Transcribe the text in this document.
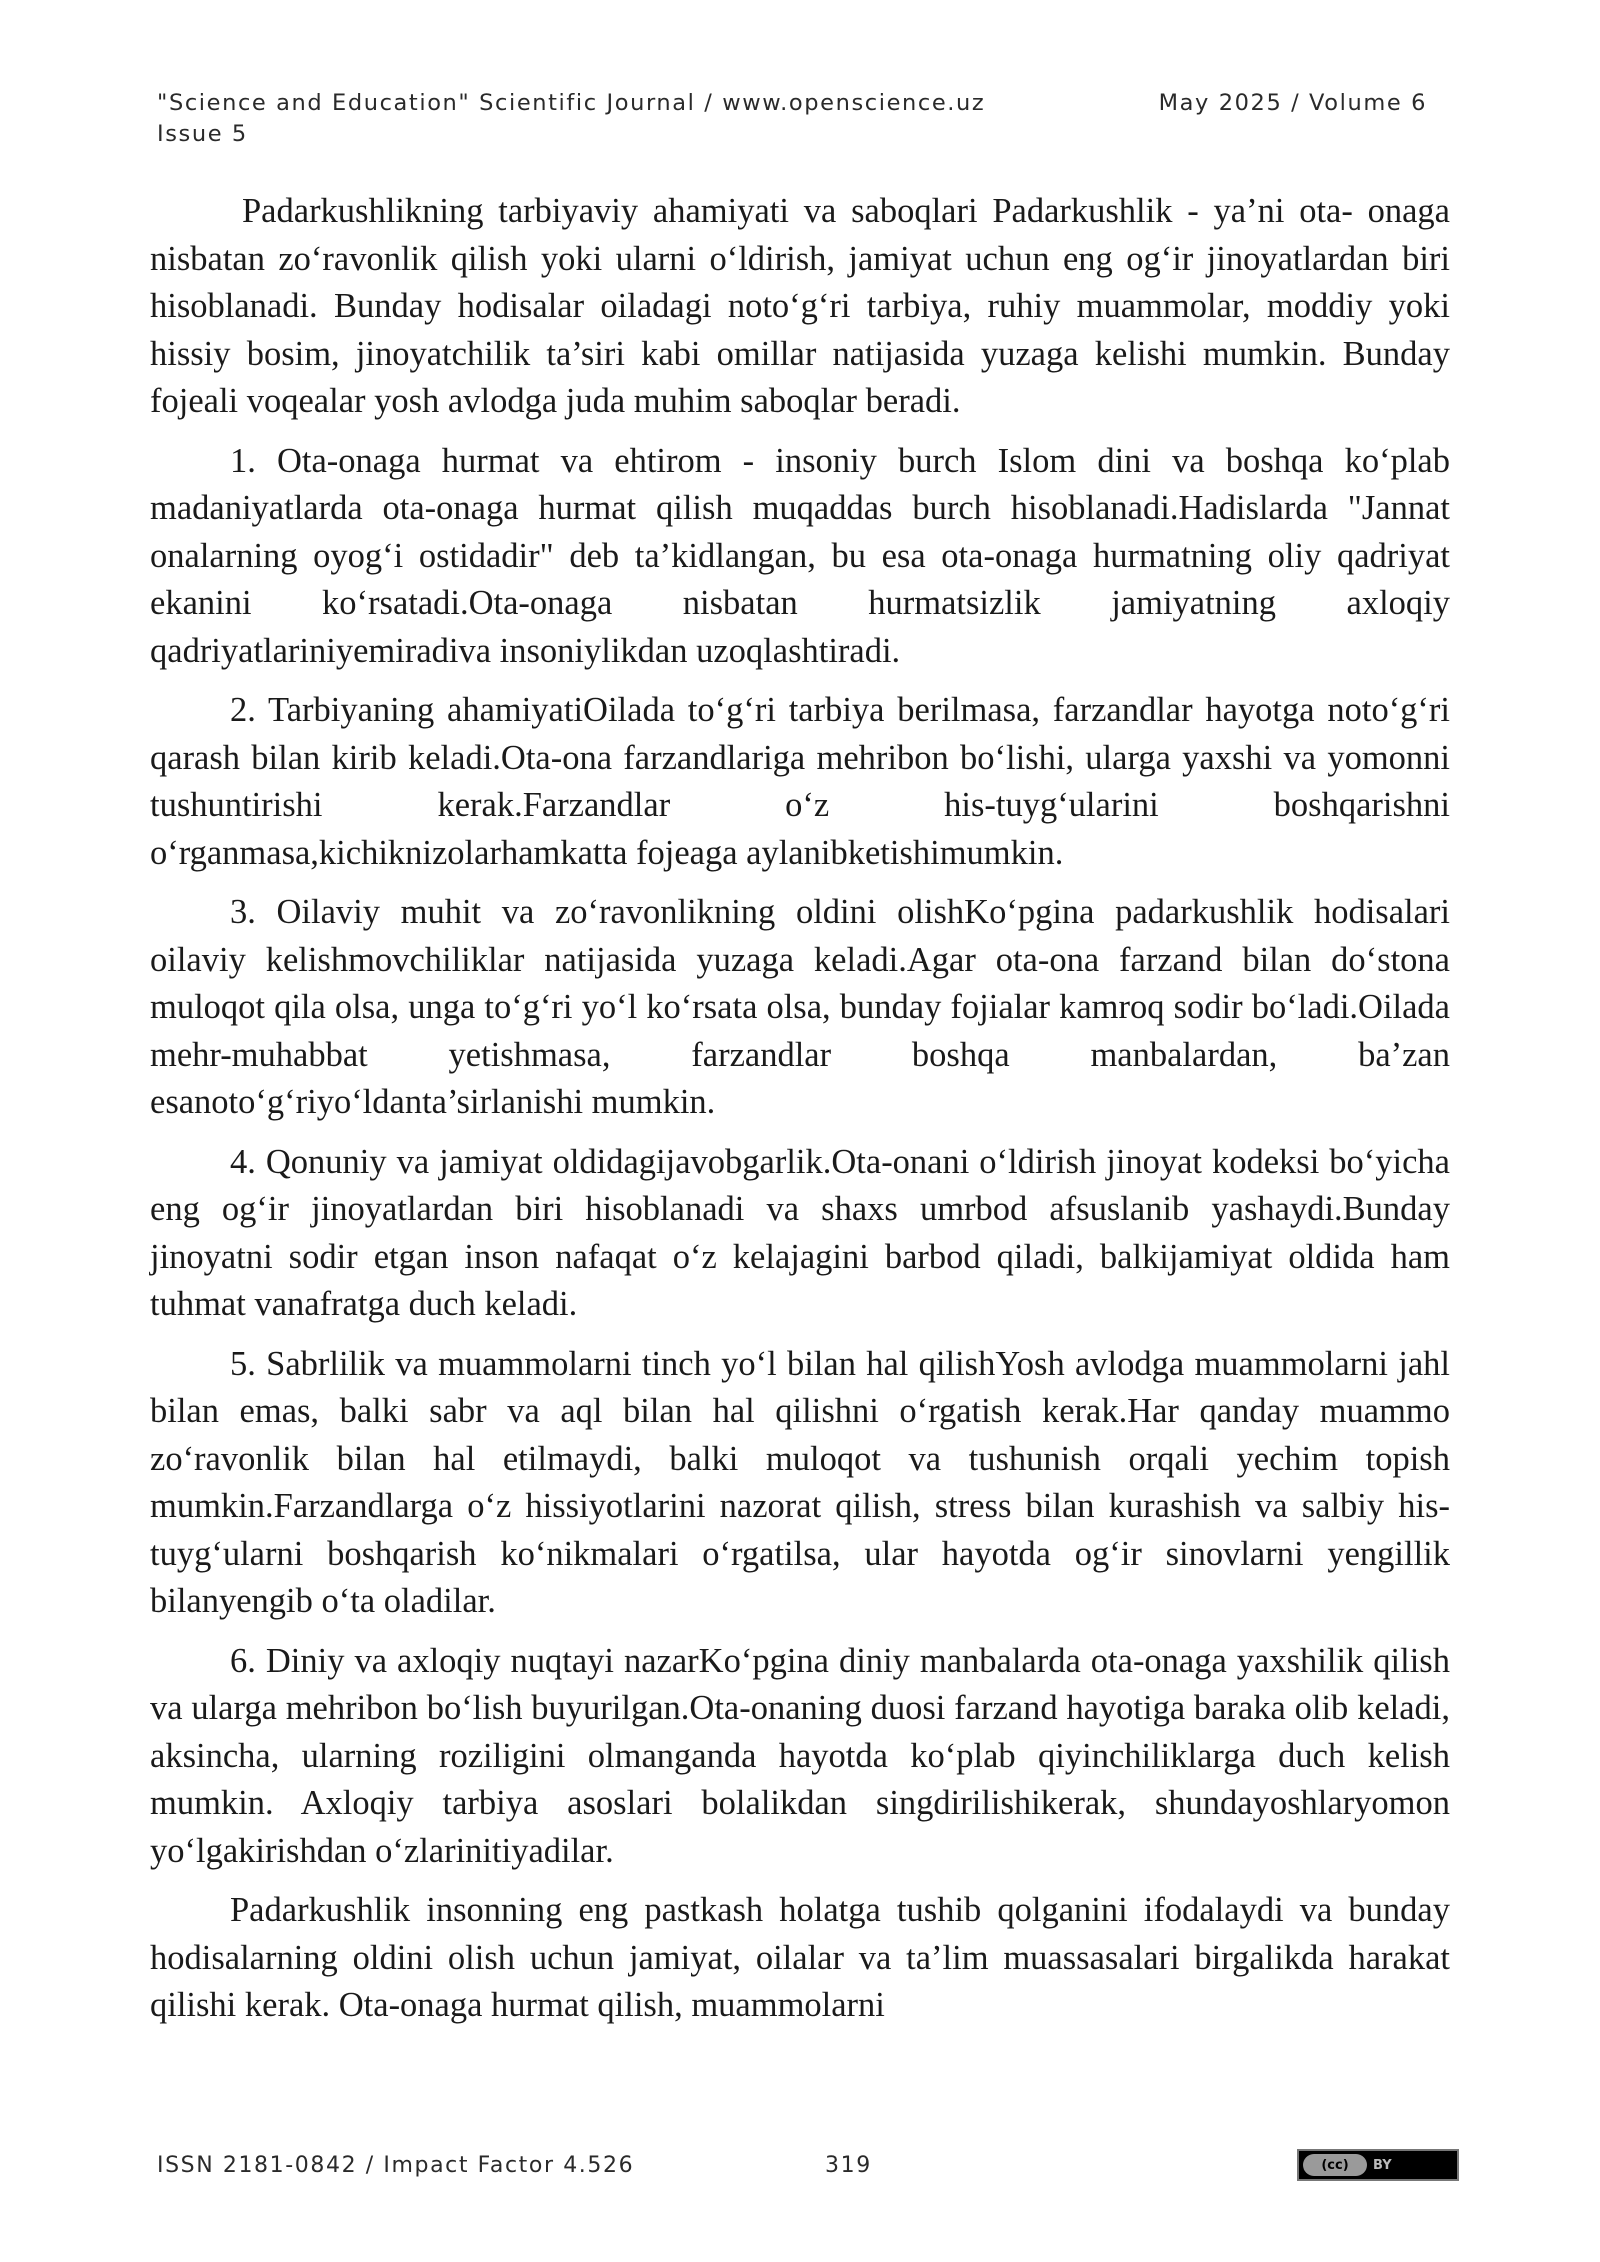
"Science and Education" Scientific Journal / www.openscience.uz	May 2025 / Volume 6
Issue 5

Padarkushlikning tarbiyaviy ahamiyati va saboqlari Padarkushlik - ya’ni ota- onaga nisbatan zo‘ravonlik qilish yoki ularni o‘ldirish, jamiyat uchun eng og‘ir jinoyatlardan biri hisoblanadi. Bunday hodisalar oiladagi noto‘g‘ri tarbiya, ruhiy muammolar, moddiy yoki hissiy bosim, jinoyatchilik ta’siri kabi omillar natijasida yuzaga kelishi mumkin. Bunday fojeali voqealar yosh avlodga juda muhim saboqlar beradi.

1. Ota-onaga hurmat va ehtirom - insoniy burch Islom dini va boshqa ko‘plab madaniyatlarda ota-onaga hurmat qilish muqaddas burch hisoblanadi.Hadislarda "Jannat onalarning oyog‘i ostidadir" deb ta’kidlangan, bu esa ota-onaga hurmatning oliy qadriyat ekanini ko‘rsatadi.Ota-onaga nisbatan hurmatsizlik jamiyatning axloqiy qadriyatlariniyemiradiva insoniylikdan uzoqlashtiradi.

2. Tarbiyaning ahamiyatiOilada to‘g‘ri tarbiya berilmasa, farzandlar hayotga noto‘g‘ri qarash bilan kirib keladi.Ota-ona farzandlariga mehribon bo‘lishi, ularga yaxshi va yomonni tushuntirishi kerak.Farzandlar o‘z his-tuyg‘ularini boshqarishni o‘rganmasa,kichiknizolarhamkatta fojeaga aylanibketishimumkin.

3. Oilaviy muhit va zo‘ravonlikning oldini olishKo‘pgina padarkushlik hodisalari oilaviy kelishmovchiliklar natijasida yuzaga keladi.Agar ota-ona farzand bilan do‘stona muloqot qila olsa, unga to‘g‘ri yo‘l ko‘rsata olsa, bunday fojialar kamroq sodir bo‘ladi.Oilada mehr-muhabbat yetishmasa, farzandlar boshqa manbalardan, ba’zan esanoto‘g‘riyo‘ldanta’sirlanishi mumkin.

4. Qonuniy va jamiyat oldidagijavobgarlik.Ota-onani o‘ldirish jinoyat kodeksi bo‘yicha eng og‘ir jinoyatlardan biri hisoblanadi va shaxs umrbod afsuslanib yashaydi.Bunday jinoyatni sodir etgan inson nafaqat o‘z kelajagini barbod qiladi, balkijamiyat oldida ham tuhmat vanafratga duch keladi.

5. Sabrlilik va muammolarni tinch yo‘l bilan hal qilishYosh avlodga muammolarni jahl bilan emas, balki sabr va aql bilan hal qilishni o‘rgatish kerak.Har qanday muammo zo‘ravonlik bilan hal etilmaydi, balki muloqot va tushunish orqali yechim topish mumkin.Farzandlarga o‘z hissiyotlarini nazorat qilish, stress bilan kurashish va salbiy his-tuyg‘ularni boshqarish ko‘nikmalari o‘rgatilsa, ular hayotda og‘ir sinovlarni yengillik bilanyengib o‘ta oladilar.

6. Diniy va axloqiy nuqtayi nazarKo‘pgina diniy manbalarda ota-onaga yaxshilik qilish va ularga mehribon bo‘lish buyurilgan.Ota-onaning duosi farzand hayotiga baraka olib keladi, aksincha, ularning roziligini olmanganda hayotda ko‘plab qiyinchiliklarga duch kelish mumkin. Axloqiy tarbiya asoslari bolalikdan singdirilishikerak, shundayoshlaryomon yo‘lgakirishdan o‘zlarinitiyadilar.

Padarkushlik insonning eng pastkash holatga tushib qolganini ifodalaydi va bunday hodisalarning oldini olish uchun jamiyat, oilalar va ta’lim muassasalari birgalikda harakat qilishi kerak. Ota-onaga hurmat qilish, muammolarni

ISSN 2181-0842 / Impact Factor 4.526	319	(cc)	BY
